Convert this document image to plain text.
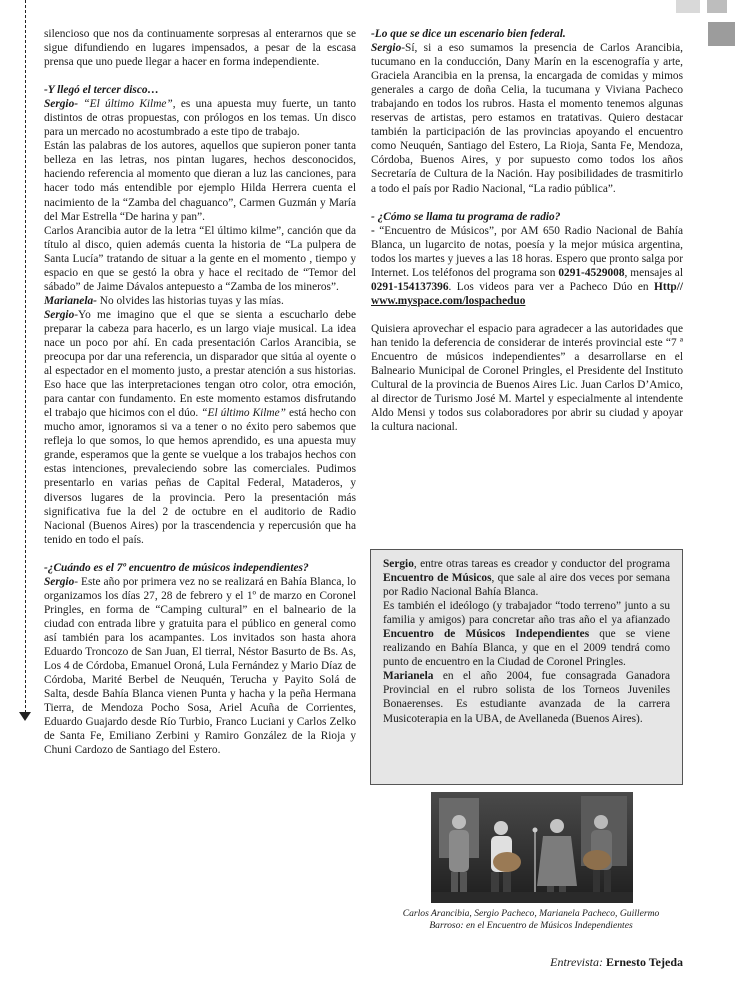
silencioso que nos da continuamente sorpresas al enterarnos que se sigue difundiendo en lugares impensados, a pesar de la escasa prensa que uno puede llegar a hacer en forma independiente.

-Y llegó el tercer disco…

Sergio- “El último Kilme”, es una apuesta muy fuerte, un tanto distintos de otras propuestas, con prólogos en los temas. Un disco para un mercado no acostumbrado a este tipo de trabajo.

Están las palabras de los autores, aquellos que supieron poner tanta belleza en las letras, nos pintan lugares, hechos desconocidos, haciendo referencia al momento que dieran a luz las canciones, para hacer todo más entendible por ejemplo Hilda Herrera cuenta el nacimiento de la “Zamba del chaguanco”, Carmen Guzmán y María del Mar Estrella “De harina y pan”.

Carlos Arancibia autor de la letra “El último kilme”, canción que da título al disco, quien además cuenta la historia de “La pulpera de Santa Lucía” tratando de situar a la gente en el momento , tiempo y espacio en que se gestó la obra y hace el recitado de “Temor del sábado” de Jaime Dávalos antepuesto a “Zamba de los mineros”.

Marianela- No olvides las historias tuyas y las mías.

Sergio-Yo me imagino que el que se sienta a escucharlo debe preparar la cabeza para hacerlo, es un largo viaje musical. La idea nace un poco por ahí. En cada presentación Carlos Arancibia, se preocupa por dar una referencia, un disparador que sitúa al oyente o al espectador en el momento justo, a prestar atención a sus historias. Eso hace que las interpretaciones tengan otro color, otra emoción, para cantar con fundamento. En este momento estamos disfrutando el trabajo que hicimos con el dúo. “El último Kilme” está hecho con mucho amor, ignoramos si va a tener o no éxito pero sabemos que refleja lo que somos, lo que hemos aprendido, es una apuesta muy grande, esperamos que la gente se vuelque a los trabajos hechos con estas intenciones, prevaleciendo sobre las comerciales. Pudimos presentarlo en varias peñas de Capital Federal, Mataderos, y diversos lugares de la provincia. Pero la presentación más significativa fue la del 2 de octubre en el auditorio de Radio Nacional (Buenos Aires) por la trascendencia y repercusión que ha tenido en todo el país.

-¿Cuándo es el 7º encuentro de músicos independientes?

Sergio- Este año por primera vez no se realizará en Bahía Blanca, lo organizamos los días 27, 28 de febrero y el 1º de marzo en Coronel Pringles, en forma de “Camping cultural” en el balneario de la ciudad con entrada libre y gratuita para el público en general como así también para los acampantes. Los invitados son hasta ahora Eduardo Troncozo de San Juan, El tierral, Néstor Basurto de Bs. As, Los 4 de Córdoba, Emanuel Oroná, Lula Fernández y Mario Díaz de Córdoba, Marité Berbel de Neuquén, Terucha y Payito Solá de Salta, desde Bahía Blanca vienen Punta y hacha y la peña Hermana Tierra, de Mendoza Pocho Sosa, Ariel Acuña de Corrientes, Eduardo Guajardo desde Río Turbio, Franco Luciani y Carlos Zelko de Santa Fe, Emiliano Zerbini y Ramiro González de la Rioja y Chuni Cardozo de Santiago del Estero.

-Lo que se dice un escenario bien federal.

Sergio-Sí, si a eso sumamos la presencia de Carlos Arancibia, tucumano en la conducción, Dany Marín en la escenografía y arte, Graciela Arancibia en la prensa, la encargada de comidas y mimos generales a cargo de doña Celia, la tucumana y Viviana Pacheco trabajando en todos los rubros. Hasta el momento tenemos algunas reservas de artistas, pero estamos en tratativas. Quiero destacar también la participación de las provincias apoyando el encuentro como Neuquén, Santiago del Estero, La Rioja, Santa Fe, Mendoza, Córdoba, Buenos Aires, y por supuesto como todos los años Secretaría de Cultura de la Nación. Hay posibilidades de trasmitirlo a todo el país por Radio Nacional, “La radio pública”.

- ¿Cómo se llama tu programa de radio?

- “Encuentro de Músicos”, por AM 650 Radio Nacional de Bahía Blanca, un lugarcito de notas, poesía y la mejor música argentina, todos los martes y jueves a las 18 horas. Espero que pronto salga por Internet. Los teléfonos del programa son 0291-4529008, mensajes al 0291-154137396. Los videos para ver a Pacheco Dúo en Http// www.myspace.com/lospacheduo

Quisiera aprovechar el espacio para agradecer a las autoridades que han tenido la deferencia de considerar de interés provincial este “7 ª Encuentro de músicos independientes” a desarrollarse en el Balneario Municipal de Coronel Pringles, el Presidente del Instituto Cultural de la provincia de Buenos Aires Lic. Juan Carlos D’Amico, al director de Turismo José M. Martel y especialmente al intendente Aldo Mensi y todos sus colaboradores por abrir su ciudad y apoyar la cultura nacional.

Sergio, entre otras tareas es creador y conductor del programa Encuentro de Músicos, que sale al aire dos veces por semana por Radio Nacional Bahía Blanca.

Es también el ideólogo (y trabajador “todo terreno” junto a su familia y amigos) para concretar año tras año el ya afianzado Encuentro de Músicos Independientes que se viene realizando en Bahía Blanca, y que en el 2009 tendrá como punto de encuentro en la Ciudad de Coronel Pringles.

Marianela en el año 2004, fue consagrada Ganadora Provincial en el rubro solista de los Torneos Juveniles Bonaerenses. Es estudiante avanzada de la carrera Musicoterapia en la UBA, de Avellaneda (Buenos Aires).

Carlos Arancibia, Sergio Pacheco, Marianela Pacheco, Guillermo Barroso: en el Encuentro de Músicos Independientes
Entrevista: Ernesto Tejeda
